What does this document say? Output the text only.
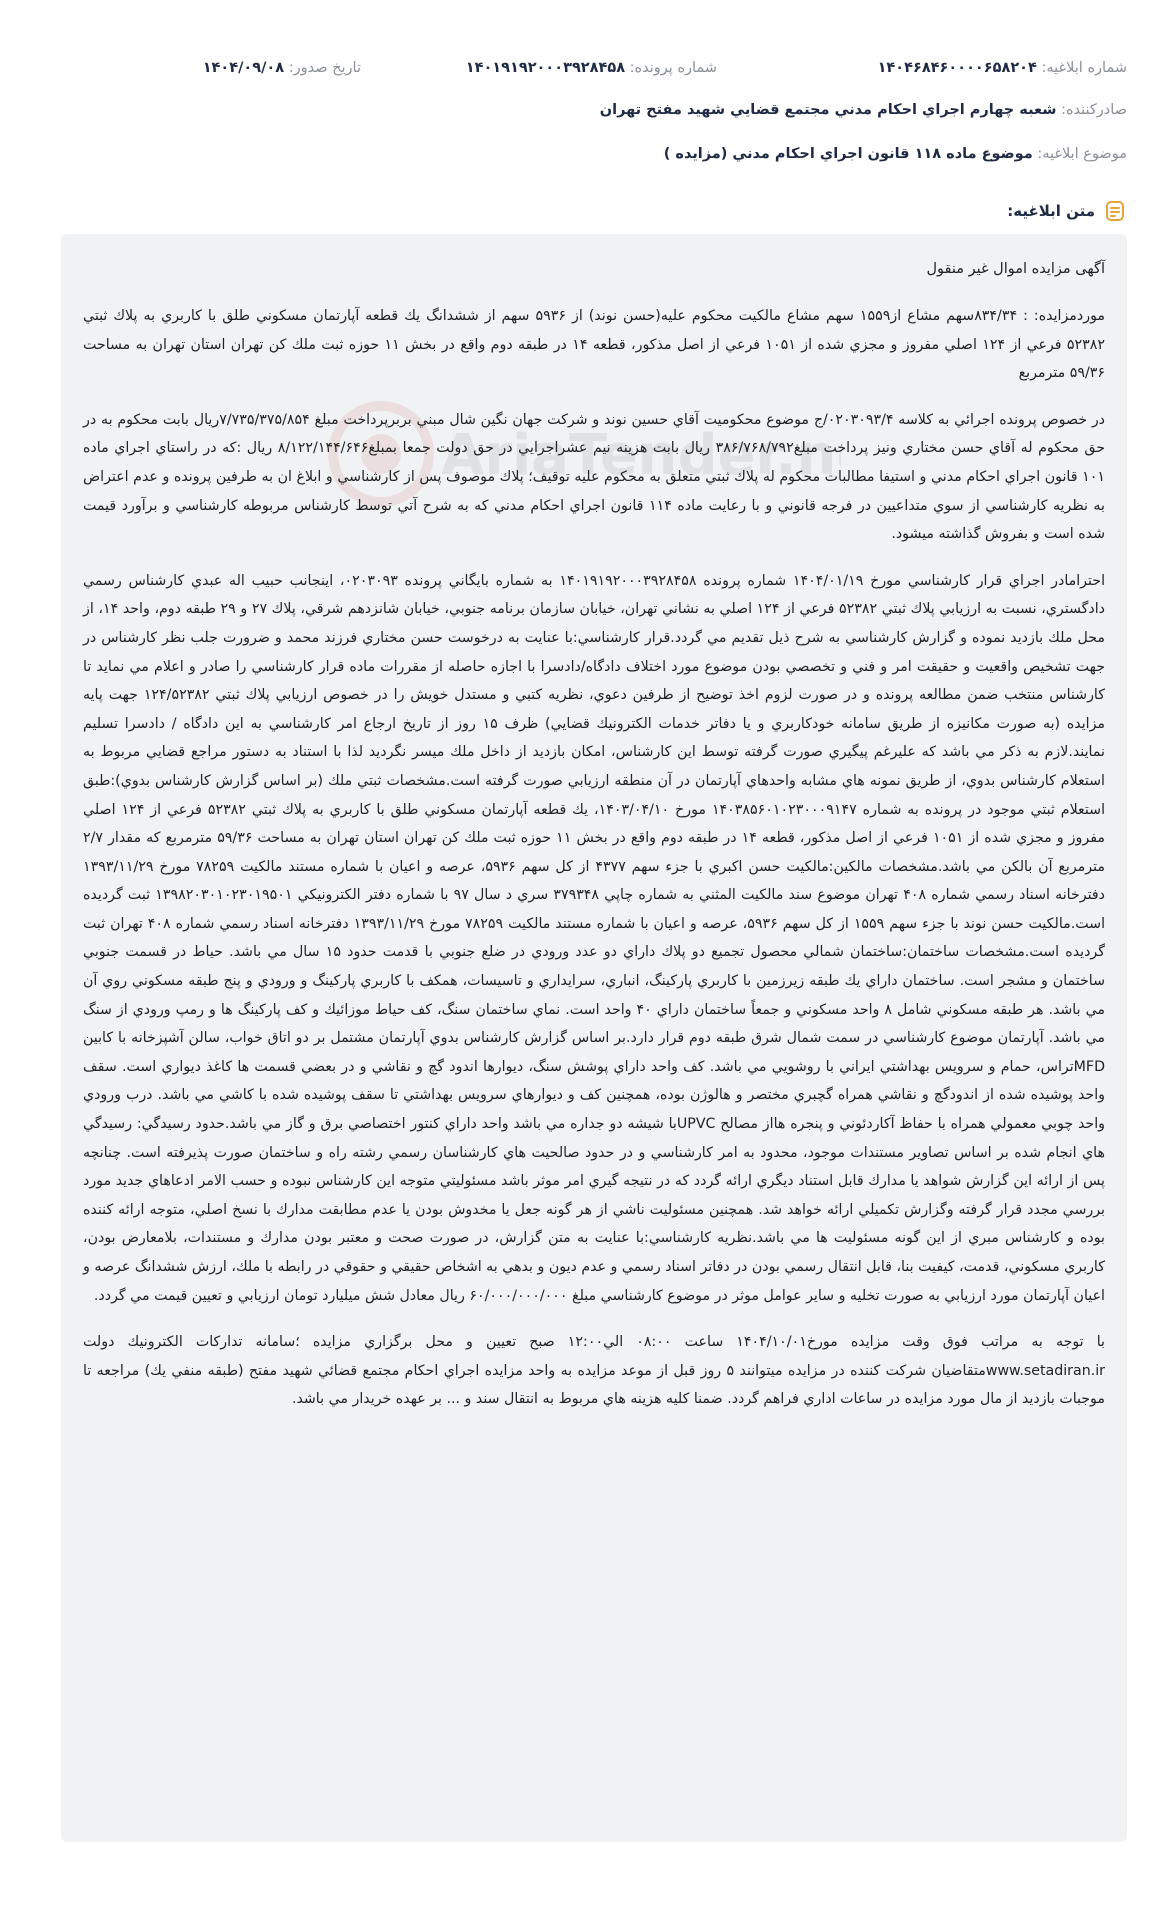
شماره ابلاغيه: ۱۴۰۴۶۸۴۶۰۰۰۰۶۵۸۲۰۴
شماره پرونده: ۱۴۰۱۹۱۹۲۰۰۰۳۹۲۸۴۵۸
تاریخ صدور: ۱۴۰۴/۰۹/۰۸
صادرکننده: شعبه چهارم اجراي احكام مدني مجتمع قضايي شهيد مفتح تهران
موضوع ابلاغيه: موضوع ماده ۱۱۸ قانون اجراي احكام مدني (مزايده )
متن ابلاغيه:
AriaTender.n
آگهی مزايده اموال غير منقول

موردمزايده: : ۸۳۴/۳۴سهم مشاع از۱۵۵۹ سهم مشاع مالكيت محكوم عليه(حسن نوند) از ۵۹۳۶ سهم از ششدانگ يك قطعه آپارتمان مسكوني طلق با كاربري به پلاك ثبتي ۵۲۳۸۲ فرعي از ۱۲۴ اصلي مفروز و مجزي شده از ۱۰۵۱ فرعي از اصل مذكور، قطعه ۱۴ در طبقه دوم واقع در بخش ۱۱ حوزه ثبت ملك كن تهران استان تهران به مساحت ۵۹/۳۶ مترمربع

در خصوص پرونده اجرائي به كلاسه ۰۲۰۳۰۹۳/۴/ج موضوع محكوميت آقاي حسين نوند و شركت جهان نگين شال مبني بربرپرداخت مبلغ ۷/۷۳۵/۳۷۵/۸۵۴ريال بابت محكوم به در حق محكوم له آقاي حسن مختاري ونيز پرداخت مبلغ۳۸۶/۷۶۸/۷۹۲ ريال بابت هزينه نيم عشراجرايي در حق دولت جمعا بمبلغ۸/۱۲۲/۱۴۴/۶۴۶ ريال :كه در راستاي اجراي ماده ۱۰۱ قانون اجراي احكام مدني و استيفا مطالبات محكوم له پلاك ثبتي متعلق به محكوم عليه توقيف؛ پلاك موصوف پس از كارشناسي و ابلاغ ان به طرفين پرونده و عدم اعتراض به نظريه كارشناسي از سوي متداعيين در فرجه قانوني و با رعايت ماده ۱۱۴ قانون اجراي احكام مدني كه به شرح آتي توسط كارشناس مربوطه كارشناسي و برآورد قيمت شده است و بفروش گذاشته ميشود.

احترامادر اجراي قرار كارشناسي مورخ ۱۴۰۴/۰۱/۱۹ شماره پرونده ۱۴۰۱۹۱۹۲۰۰۰۳۹۲۸۴۵۸ به شماره بايگاني پرونده ۰۲۰۳۰۹۳، اينجانب حبيب اله عبدي كارشناس رسمي دادگستري، نسبت به ارزيابي پلاك ثبتي ۵۲۳۸۲ فرعي از ۱۲۴ اصلي به نشاني تهران، خيابان سازمان برنامه جنوبي، خيابان شانزدهم شرقي، پلاك ۲۷ و ۲۹ طبقه دوم، واحد ۱۴، از محل ملك بازديد نموده و گزارش كارشناسي به شرح ذيل تقديم مي گردد.قرار كارشناسي:با عنايت به درخوست حسن مختاري فرزند محمد و ضرورت جلب نظر كارشناس در جهت تشخيص واقعيت و حقيقت امر و فني و تخصصي بودن موضوع مورد اختلاف دادگاه/دادسرا با اجازه حاصله از مقررات ماده قرار كارشناسي را صادر و اعلام مي نمايد تا كارشناس منتخب ضمن مطالعه پرونده و در صورت لزوم اخذ توضيح از طرفين دعوي، نظريه كتبي و مستدل خويش را در خصوص ارزيابي پلاك ثبتي ۱۲۴/۵۲۳۸۲ جهت پايه مزايده (به صورت مكانيزه از طريق سامانه خودكاربري و يا دفاتر خدمات الكترونيك قضايي) ظرف ۱۵ روز از تاريخ ارجاع امر كارشناسي به اين دادگاه / دادسرا تسليم نمايند.لازم به ذكر مي باشد كه عليرغم پيگيري صورت گرفته توسط اين كارشناس، امكان بازديد از داخل ملك ميسر نگرديد لذا با استناد به دستور مراجع قضايي مربوط به استعلام كارشناس بدوي، از طريق نمونه هاي مشابه واحدهاي آپارتمان در آن منطقه ارزيابي صورت گرفته است.مشخصات ثبتي ملك (بر اساس گزارش كارشناس بدوي):طبق استعلام ثبتي موجود در پرونده به شماره ۱۴۰۳۸۵۶۰۱۰۲۳۰۰۰۹۱۴۷ مورخ ۱۴۰۳/۰۴/۱۰، يك قطعه آپارتمان مسكوني طلق با كاربري به پلاك ثبتي ۵۲۳۸۲ فرعي از ۱۲۴ اصلي مفروز و مجزي شده از ۱۰۵۱ فرعي از اصل مذكور، قطعه ۱۴ در طبقه دوم واقع در بخش ۱۱ حوزه ثبت ملك كن تهران استان تهران به مساحت ۵۹/۳۶ مترمربع كه مقدار ۲/۷ مترمربع آن بالكن مي باشد.مشخصات مالكين:مالكيت حسن اكبري با جزء سهم ۴۳۷۷ از كل سهم ۵۹۳۶، عرصه و اعيان با شماره مستند مالكيت ۷۸۲۵۹ مورخ ۱۳۹۳/۱۱/۲۹ دفترخانه اسناد رسمي شماره ۴۰۸ تهران موضوع سند مالكيت المثني به شماره چاپي ۳۷۹۳۴۸ سري د سال ۹۷ با شماره دفتر الكترونيكي ۱۳۹۸۲۰۳۰۱۰۲۳۰۱۹۵۰۱ ثبت گرديده است.مالكيت حسن نوند با جزء سهم ۱۵۵۹ از كل سهم ۵۹۳۶، عرصه و اعيان با شماره مستند مالكيت ۷۸۲۵۹ مورخ ۱۳۹۳/۱۱/۲۹ دفترخانه اسناد رسمي شماره ۴۰۸ تهران ثبت گرديده است.مشخصات ساختمان:ساختمان شمالي محصول تجميع دو پلاك داراي دو عدد ورودي در ضلع جنوبي با قدمت حدود ۱۵ سال مي باشد. حياط در قسمت جنوبي ساختمان و مشجر است. ساختمان داراي يك طبقه زيرزمين با كاربري پاركينگ، انباري، سرايداري و تاسيسات، همكف با كاربري پاركينگ و ورودي و پنج طبقه مسكوني روي آن مي باشد. هر طبقه مسكوني شامل ۸ واحد مسكوني و جمعاً ساختمان داراي ۴۰ واحد است. نماي ساختمان سنگ، كف حياط موزائيك و كف پاركينگ ها و رمپ ورودي از سنگ مي باشد. آپارتمان موضوع كارشناسي در سمت شمال شرق طبقه دوم قرار دارد.بر اساس گزارش كارشناس بدوي آپارتمان مشتمل بر دو اتاق خواب، سالن آشپزخانه با كابين MFDتراس، حمام و سرويس بهداشتي ايراني با روشويي مي باشد. كف واحد داراي پوشش سنگ، ديوارها اندود گچ و نقاشي و در بعضي قسمت ها كاغذ ديواري است. سقف واحد پوشيده شده از اندودگچ و نقاشي همراه گچبري مختصر و هالوژن بوده، همچنين كف و ديوارهاي سرويس بهداشتي تا سقف پوشيده شده با كاشي مي باشد. درب ورودي واحد چوبي معمولي همراه با حفاظ آكاردئوني و پنجره هااز مصالح UPVCبا شيشه دو جداره مي باشد واحد داراي كنتور اختصاصي برق و گاز مي باشد.حدود رسيدگي: رسيدگي هاي انجام شده بر اساس تصاوير مستندات موجود، محدود به امر كارشناسي و در حدود صالحيت هاي كارشناسان رسمي رشته راه و ساختمان صورت پذيرفته است. چنانچه پس از ارائه اين گزارش شواهد يا مدارك قابل استناد ديگري ارائه گردد كه در نتيجه گيري امر موثر باشد مسئوليتي متوجه اين كارشناس نبوده و حسب الامر ادعاهاي جديد مورد بررسي مجدد قرار گرفته وگزارش تكميلي ارائه خواهد شد. همچنين مسئوليت ناشي از هر گونه جعل يا مخدوش بودن يا عدم مطابقت مدارك با نسخ اصلي، متوجه ارائه كننده بوده و كارشناس مبري از اين گونه مسئوليت ها مي باشد.نظريه كارشناسي:با عنايت به متن گزارش، در صورت صحت و معتبر بودن مدارك و مستندات، بلامعارض بودن، كاربري مسكوني، قدمت، كيفيت بنا، قابل انتقال رسمي بودن در دفاتر اسناد رسمي و عدم ديون و بدهي به اشخاص حقيقي و حقوقي در رابطه با ملك، ارزش ششدانگ عرصه و اعيان آپارتمان مورد ارزيابي به صورت تخليه و ساير عوامل موثر در موضوع كارشناسي مبلغ ۶۰/۰۰۰/۰۰۰/۰۰۰ ريال معادل شش ميليارد تومان ارزيابي و تعيين قيمت مي گردد.

با توجه به مراتب فوق وقت مزايده مورخ۱۴۰۴/۱۰/۰۱ ساعت ۰۸:۰۰ الي۱۲:۰۰ صبح تعيين و محل برگزاري مزايده ؛سامانه تداركات الكترونيك دولت www.setadiran.irمتقاضيان شركت كننده در مزايده ميتوانند ۵ روز قبل از موعد مزايده به واحد مزايده اجراي احكام مجتمع قضائي شهيد مفتح (طبقه منفي يك) مراجعه تا موجبات بازديد از مال مورد مزايده در ساعات اداري فراهم گردد. ضمنا كليه هزينه هاي مربوط به انتقال سند و ... بر عهده خريدار مي باشد.
